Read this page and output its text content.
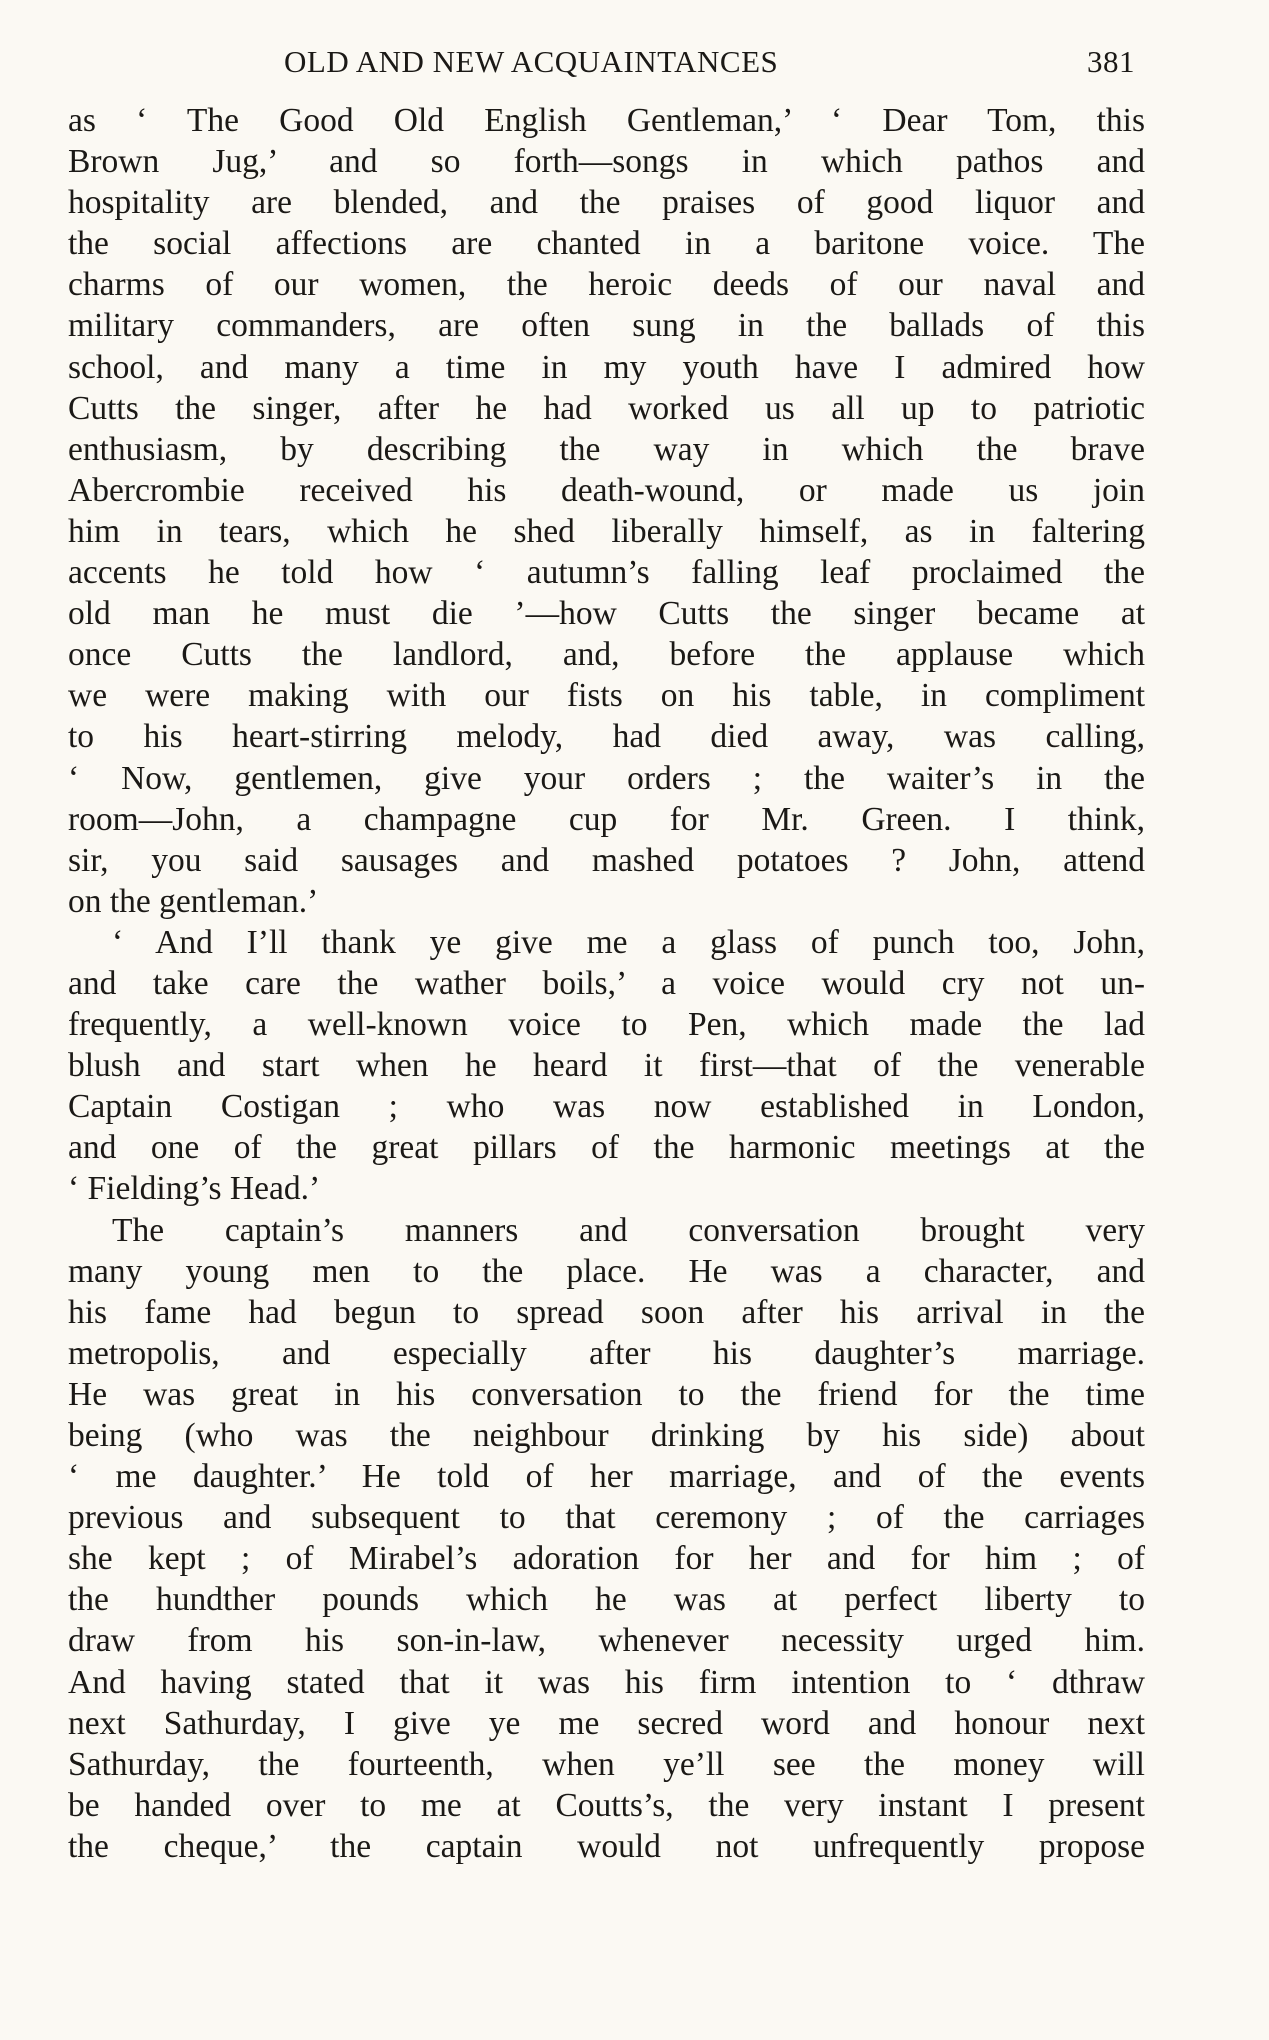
OLD AND NEW ACQUAINTANCES	381
as ‘ The Good Old English Gentleman,’ ‘ Dear Tom, this
Brown Jug,’ and so forth—songs in which pathos and
hospitality are blended, and the praises of good liquor and
the social affections are chanted in a baritone voice. The
charms of our women, the heroic deeds of our naval and
military commanders, are often sung in the ballads of this
school, and many a time in my youth have I admired how
Cutts the singer, after he had worked us all up to patriotic
enthusiasm, by describing the way in which the brave
Abercrombie received his death-wound, or made us join
him in tears, which he shed liberally himself, as in faltering
accents he told how ‘ autumn’s falling leaf proclaimed the
old man he must die ’—how Cutts the singer became at
once Cutts the landlord, and, before the applause which
we were making with our fists on his table, in compliment
to his heart-stirring melody, had died away, was calling,
‘ Now, gentlemen, give your orders ; the waiter’s in the
room—John, a champagne cup for Mr. Green. I think,
sir, you said sausages and mashed potatoes ? John, attend
on the gentleman.’
‘ And I’ll thank ye give me a glass of punch too, John,
and take care the wather boils,’ a voice would cry not un-
frequently, a well-known voice to Pen, which made the lad
blush and start when he heard it first—that of the venerable
Captain Costigan ; who was now established in London,
and one of the great pillars of the harmonic meetings at the
‘ Fielding’s Head.’
The captain’s manners and conversation brought very
many young men to the place. He was a character, and
his fame had begun to spread soon after his arrival in the
metropolis, and especially after his daughter’s marriage.
He was great in his conversation to the friend for the time
being (who was the neighbour drinking by his side) about
‘ me daughter.’ He told of her marriage, and of the events
previous and subsequent to that ceremony ; of the carriages
she kept ; of Mirabel’s adoration for her and for him ; of
the hundther pounds which he was at perfect liberty to
draw from his son-in-law, whenever necessity urged him.
And having stated that it was his firm intention to ‘ dthraw
next Sathurday, I give ye me secred word and honour next
Sathurday, the fourteenth, when ye’ll see the money will
be handed over to me at Coutts’s, the very instant I present
the cheque,’ the captain would not unfrequently propose
